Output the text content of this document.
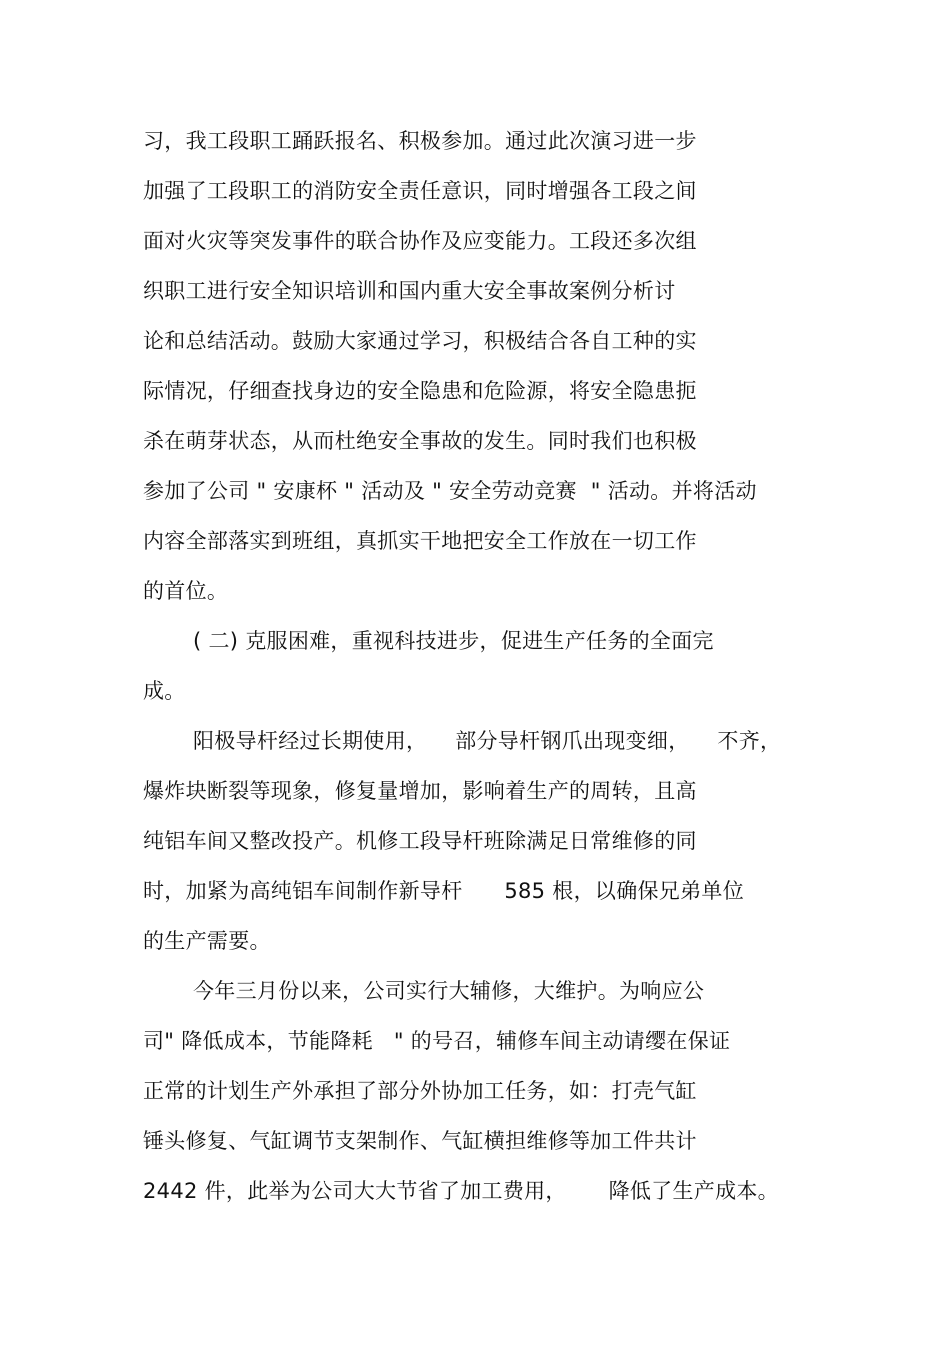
习，我工段职工踊跃报名、积极参加。通过此次演习进一步
加强了工段职工的消防安全责任意识，同时增强各工段之间
面对火灾等突发事件的联合协作及应变能力。工段还多次组
织职工进行安全知识培训和国内重大安全事故案例分析讨
论和总结活动。鼓励大家通过学习，积极结合各自工种的实
际情况，仔细查找身边的安全隐患和危险源，将安全隐患扼
杀在萌芽状态，从而杜绝安全事故的发生。同时我们也积极
参加了公司 " 安康杯 " 活动及 " 安全劳动竞赛  " 活动。并将活动
内容全部落实到班组，真抓实干地把安全工作放在一切工作
的首位。
( 二) 克服困难，重视科技进步，促进生产任务的全面完
成。
阳极导杆经过长期使用，    部分导杆钢爪出现变细，    不齐，
爆炸块断裂等现象，修复量增加，影响着生产的周转，且高
纯铝车间又整改投产。机修工段导杆班除满足日常维修的同
时，加紧为高纯铝车间制作新导杆      585 根，以确保兄弟单位
的生产需要。
今年三月份以来，公司实行大辅修，大维护。为响应公
司" 降低成本，节能降耗   " 的号召，辅修车间主动请缨在保证
正常的计划生产外承担了部分外协加工任务，如：打壳气缸
锤头修复、气缸调节支架制作、气缸横担维修等加工件共计
2442 件，此举为公司大大节省了加工费用，      降低了生产成本。
